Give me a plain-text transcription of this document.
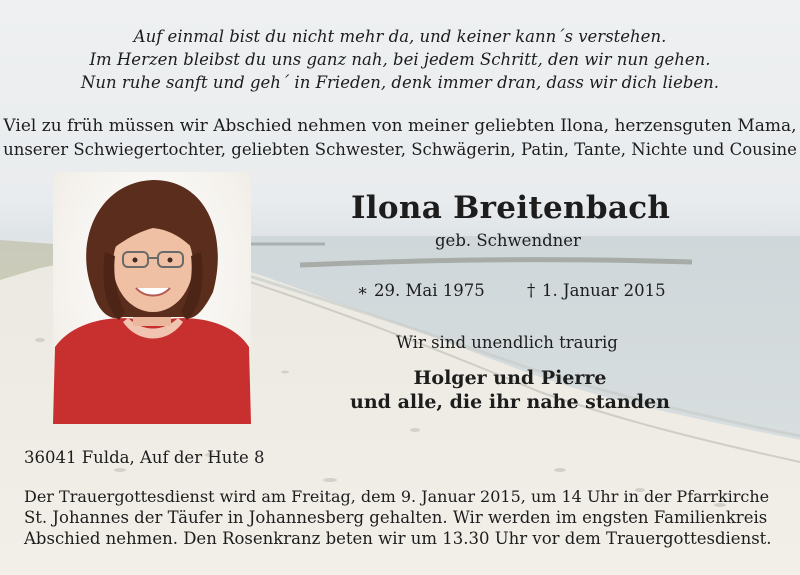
Auf einmal bist du nicht mehr da, und keiner kann´s verstehen.
Im Herzen bleibst du uns ganz nah, bei jedem Schritt, den wir nun gehen.
Nun ruhe sanft und geh´ in Frieden, denk immer dran, dass wir dich lieben.
Viel zu früh müssen wir Abschied nehmen von meiner geliebten Ilona, herzensguten Mama,
unserer Schwiegertochter, geliebten Schwester, Schwägerin, Patin, Tante, Nichte und Cousine
Ilona Breitenbach
geb. Schwendner
∗ 29. Mai 1975	† 1. Januar 2015
Wir sind unendlich traurig
Holger und Pierre
und alle, die ihr nahe standen
36041 Fulda, Auf der Hute 8
Der Trauergottesdienst wird am Freitag, dem 9. Januar 2015, um 14 Uhr in der Pfarrkirche
St. Johannes der Täufer in Johannesberg gehalten. Wir werden im engsten Familienkreis
Abschied nehmen. Den Rosenkranz beten wir um 13.30 Uhr vor dem Trauergottesdienst.
